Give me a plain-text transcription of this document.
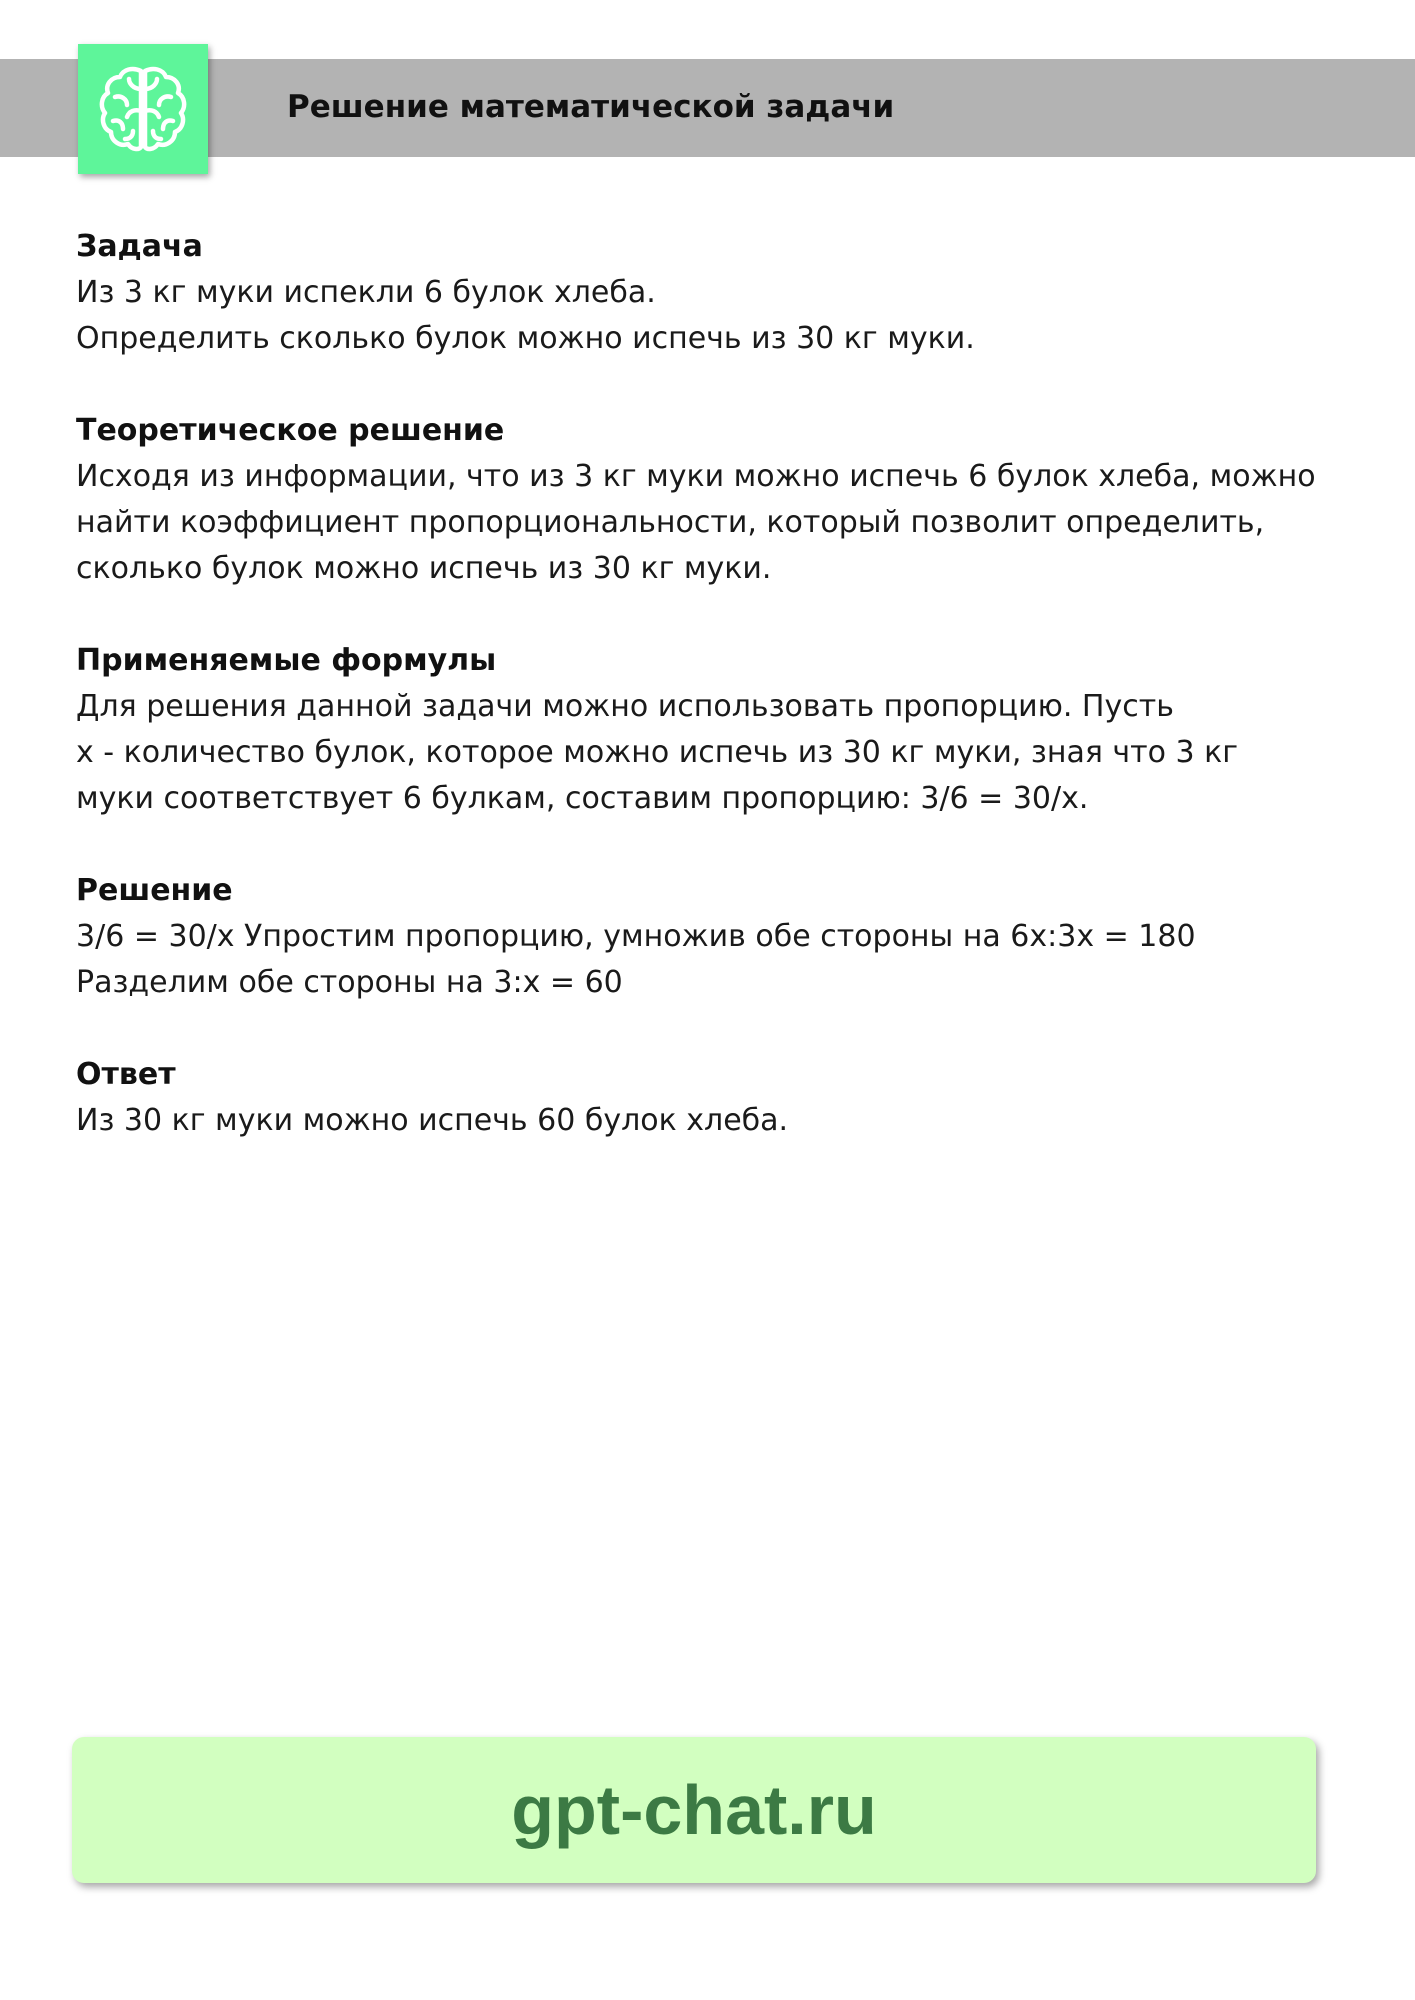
Решение математической задачи
Задача
Из 3 кг муки испекли 6 булок хлеба.
Определить сколько булок можно испечь из 30 кг муки.
Теоретическое решение
Исходя из информации, что из 3 кг муки можно испечь 6 булок хлеба, можно
найти коэффициент пропорциональности, который позволит определить,
сколько булок можно испечь из 30 кг муки.
Применяемые формулы
Для решения данной задачи можно использовать пропорцию. Пусть
x - количество булок, которое можно испечь из 30 кг муки, зная что 3 кг
муки соответствует 6 булкам, составим пропорцию: 3/6 = 30/x.
Решение
3/6 = 30/x Упростим пропорцию, умножив обе стороны на 6x:3x = 180
Разделим обе стороны на 3:x = 60
Ответ
Из 30 кг муки можно испечь 60 булок хлеба.
gpt-chat.ru
